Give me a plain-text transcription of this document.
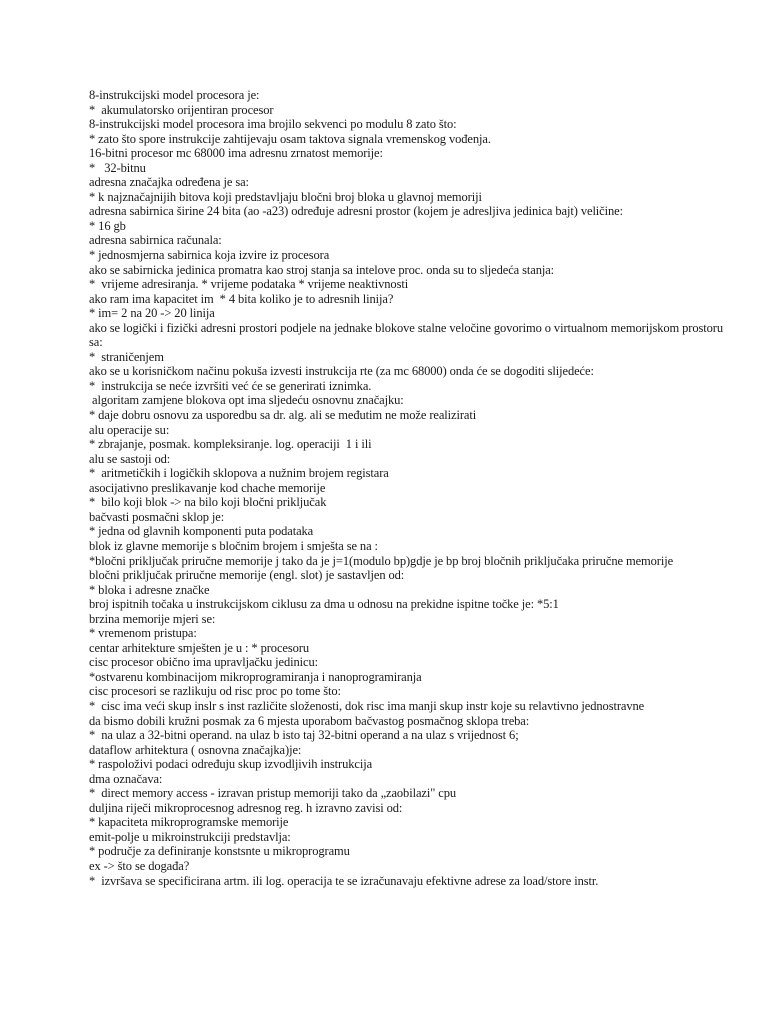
8-instrukcijski model procesora je:

*  akumulatorsko orijentiran procesor

8-instrukcijski model procesora ima brojilo sekvenci po modulu 8 zato što:

* zato što spore instrukcije zahtijevaju osam taktova signala vremenskog vođenja.

16-bitni procesor mc 68000 ima adresnu zrnatost memorije:

*   32-bitnu

adresna značajka određena je sa:

* k najznačajnijih bitova koji predstavljaju bločni broj bloka u glavnoj memoriji

adresna sabirnica širine 24 bita (ao -a23) određuje adresni prostor (kojem je adresljiva jedinica bajt) veličine:

* 16 gb

adresna sabirnica računala:

* jednosmjerna sabirnica koja izvire iz procesora

ako se sabirnicka jedinica promatra kao stroj stanja sa intelove proc. onda su to sljedeća stanja:

*  vrijeme adresiranja. * vrijeme podataka * vrijeme neaktivnosti

ako ram ima kapacitet im  * 4 bita koliko je to adresnih linija?

* im= 2 na 20 -> 20 linija

ako se logički i fizički adresni prostori podjele na jednake blokove stalne veločine govorimo o virtualnom memorijskom prostoru sa:

*  straničenjem

ako se u korisničkom načinu pokuša izvesti instrukcija rte (za mc 68000) onda će se dogoditi slijedeće:

*  instrukcija se neće izvršiti već će se generirati iznimka.

algoritam zamjene blokova opt ima sljedeću osnovnu značajku:

* daje dobru osnovu za usporedbu sa dr. alg. ali se međutim ne može realizirati

alu operacije su:

* zbrajanje, posmak. kompleksiranje. log. operaciji  1 i ili

alu se sastoji od:

*  aritmetičkih i logičkih sklopova a nužnim brojem registara

asocijativno preslikavanje kod chache memorije

*  bilo koji blok -> na bilo koji bločni priključak

bačvasti posmačni sklop je:

* jedna od glavnih komponenti puta podataka

blok iz glavne memorije s bločnim brojem i smješta se na :

*bločni priključak priručne memorije j tako da je j=1(modulo bp)gdje je bp broj bločnih priključaka priručne memorije

bločni priključak priručne memorije (engl. slot) je sastavljen od:

* bloka i adresne značke

broj ispitnih točaka u instrukcijskom ciklusu za dma u odnosu na prekidne ispitne točke je: *5:1

brzina memorije mjeri se:

* vremenom pristupa:

centar arhitekture smješten je u : * procesoru

cisc procesor obično ima upravljačku jedinicu:

*ostvarenu kombinacijom mikroprogramiranja i nanoprogramiranja

cisc procesori se razlikuju od risc proc po tome što:

*  cisc ima veći skup inslr s inst različite složenosti, dok risc ima manji skup instr koje su relavtivno jednostravne

da bismo dobili kružni posmak za 6 mjesta uporabom bačvastog posmačnog sklopa treba:

*  na ulaz a 32-bitni operand. na ulaz b isto taj 32-bitni operand a na ulaz s vrijednost 6;

dataflow arhitektura ( osnovna značajka)je:

* raspoloživi podaci određuju skup izvodljivih instrukcija

dma označava:

*  direct memory access - izravan pristup memoriji tako da „zaobilazi" cpu

duljina riječi mikroprocesnog adresnog reg. h izravno zavisi od:

* kapaciteta mikroprogramske memorije

emit-polje u mikroinstrukciji predstavlja:

* područje za definiranje konstsnte u mikroprogramu

ex -> što se događa?

*  izvršava se specificirana artm. ili log. operacija te se izračunavaju efektivne adrese za load/store instr.
